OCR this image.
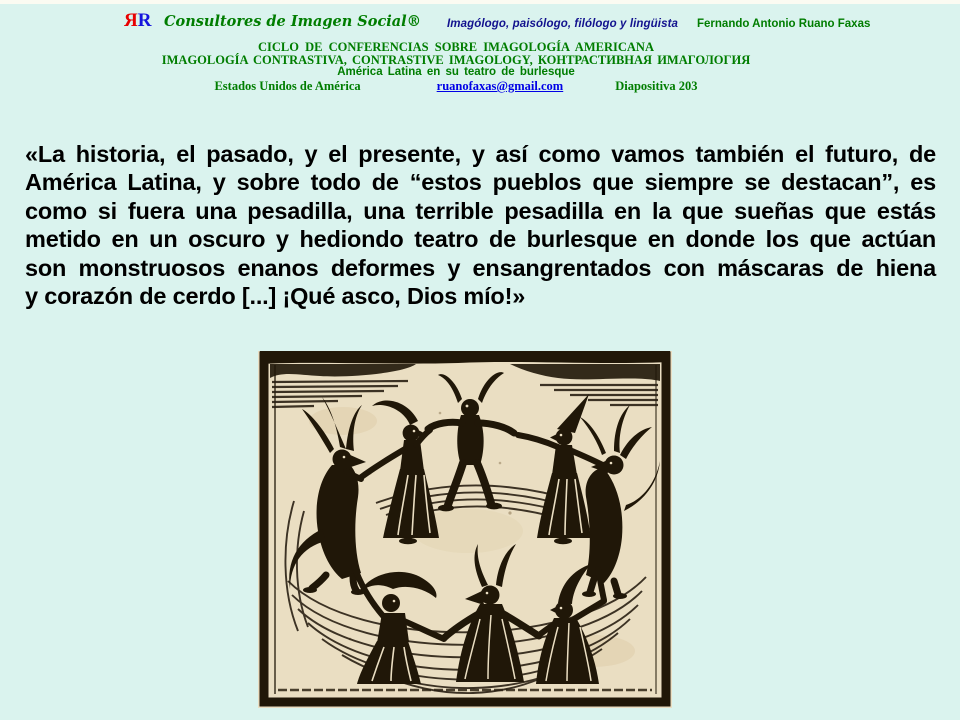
ЯR Consultores de Imagen Social® Imagólogo, paisólogo, filólogo y lingüista Fernando Antonio Ruano Faxas
CICLO DE CONFERENCIAS SOBRE IMAGOLOGÍA AMERICANA
IMAGOLOGÍA CONTRASTIVA, CONTRASTIVE IMAGOLOGY, КОНТРАСТИВНАЯ ИМАГОЛОГИЯ
América Latina en su teatro de burlesque
Estados Unidos de América	ruanofaxas@gmail.com	Diapositiva 203
«La historia, el pasado, y el presente, y así como vamos también el futuro, de
América Latina, y sobre todo de “estos pueblos que siempre se destacan”, es
como si fuera una pesadilla, una terrible pesadilla en la que sueñas que estás
metido en un oscuro y hediondo teatro de burlesque en donde los que actúan
son monstruosos enanos deformes y ensangrentados con máscaras de hiena
y corazón de cerdo [...] ¡Qué asco, Dios mío!»
